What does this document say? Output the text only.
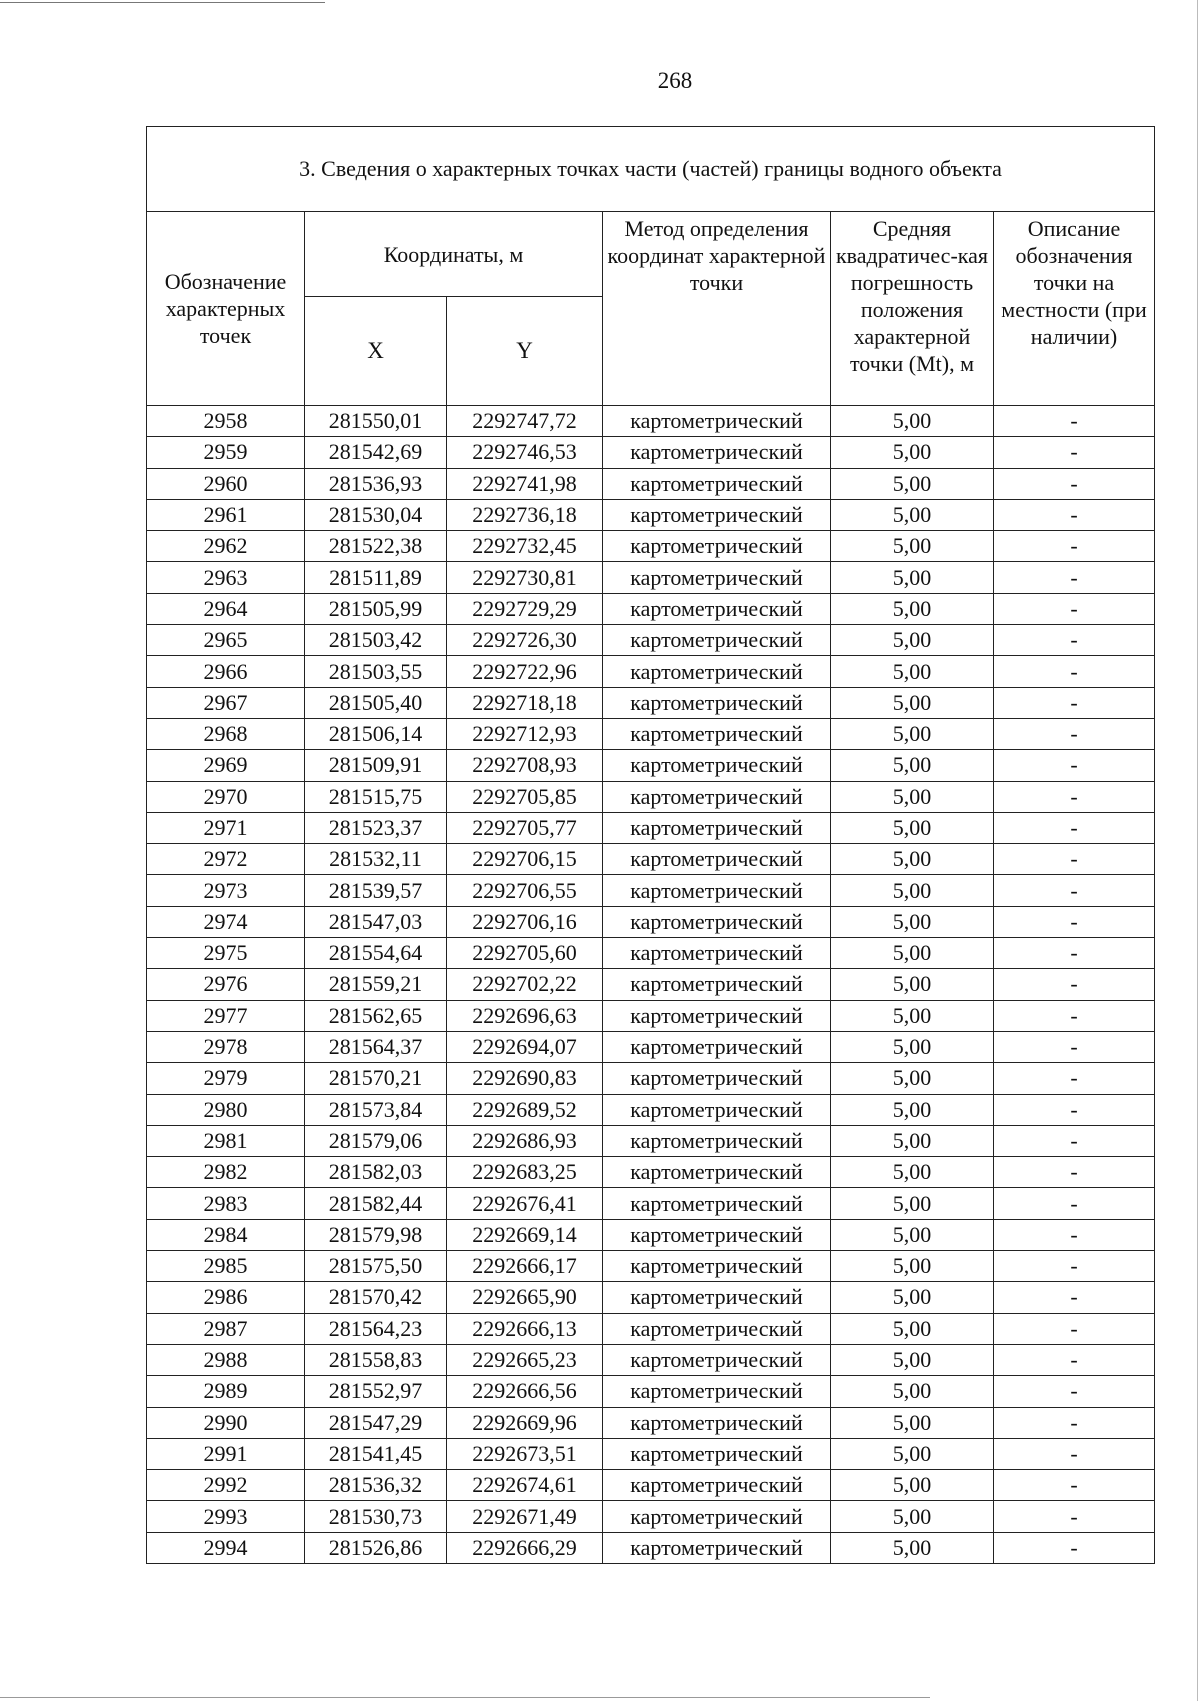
268
3. Сведения о характерных точках части (частей) границы водного объекта					
Обозначение характерных точек	Координаты, м		Метод определения координат характерной точки	Средняя квадратичес-кая погрешность положения характерной точки (Mt), м	Описание обозначения точки на местности (при наличии)
	X	Y			
2958	281550,01	2292747,72	картометрический	5,00	-
2959	281542,69	2292746,53	картометрический	5,00	-
2960	281536,93	2292741,98	картометрический	5,00	-
2961	281530,04	2292736,18	картометрический	5,00	-
2962	281522,38	2292732,45	картометрический	5,00	-
2963	281511,89	2292730,81	картометрический	5,00	-
2964	281505,99	2292729,29	картометрический	5,00	-
2965	281503,42	2292726,30	картометрический	5,00	-
2966	281503,55	2292722,96	картометрический	5,00	-
2967	281505,40	2292718,18	картометрический	5,00	-
2968	281506,14	2292712,93	картометрический	5,00	-
2969	281509,91	2292708,93	картометрический	5,00	-
2970	281515,75	2292705,85	картометрический	5,00	-
2971	281523,37	2292705,77	картометрический	5,00	-
2972	281532,11	2292706,15	картометрический	5,00	-
2973	281539,57	2292706,55	картометрический	5,00	-
2974	281547,03	2292706,16	картометрический	5,00	-
2975	281554,64	2292705,60	картометрический	5,00	-
2976	281559,21	2292702,22	картометрический	5,00	-
2977	281562,65	2292696,63	картометрический	5,00	-
2978	281564,37	2292694,07	картометрический	5,00	-
2979	281570,21	2292690,83	картометрический	5,00	-
2980	281573,84	2292689,52	картометрический	5,00	-
2981	281579,06	2292686,93	картометрический	5,00	-
2982	281582,03	2292683,25	картометрический	5,00	-
2983	281582,44	2292676,41	картометрический	5,00	-
2984	281579,98	2292669,14	картометрический	5,00	-
2985	281575,50	2292666,17	картометрический	5,00	-
2986	281570,42	2292665,90	картометрический	5,00	-
2987	281564,23	2292666,13	картометрический	5,00	-
2988	281558,83	2292665,23	картометрический	5,00	-
2989	281552,97	2292666,56	картометрический	5,00	-
2990	281547,29	2292669,96	картометрический	5,00	-
2991	281541,45	2292673,51	картометрический	5,00	-
2992	281536,32	2292674,61	картометрический	5,00	-
2993	281530,73	2292671,49	картометрический	5,00	-
2994	281526,86	2292666,29	картометрический	5,00	-
